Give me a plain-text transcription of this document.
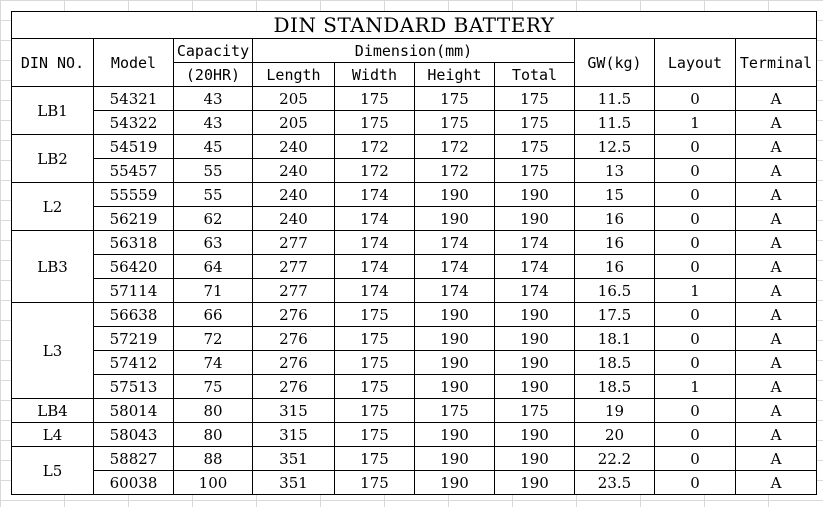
DIN STANDARD BATTERY									
DIN NO.	Model	Capacity	Dimension(mm)				GW(kg)	Layout	Terminal
		(20HR)	Length	Width	Height	Total			
LB1	54321	43	205	175	175	175	11.5	0	A
	54322	43	205	175	175	175	11.5	1	A
LB2	54519	45	240	172	172	175	12.5	0	A
	55457	55	240	172	172	175	13	0	A
L2	55559	55	240	174	190	190	15	0	A
	56219	62	240	174	190	190	16	0	A
LB3	56318	63	277	174	174	174	16	0	A
	56420	64	277	174	174	174	16	0	A
	57114	71	277	174	174	174	16.5	1	A
L3	56638	66	276	175	190	190	17.5	0	A
	57219	72	276	175	190	190	18.1	0	A
	57412	74	276	175	190	190	18.5	0	A
	57513	75	276	175	190	190	18.5	1	A
LB4	58014	80	315	175	175	175	19	0	A
L4	58043	80	315	175	190	190	20	0	A
L5	58827	88	351	175	190	190	22.2	0	A
	60038	100	351	175	190	190	23.5	0	A
